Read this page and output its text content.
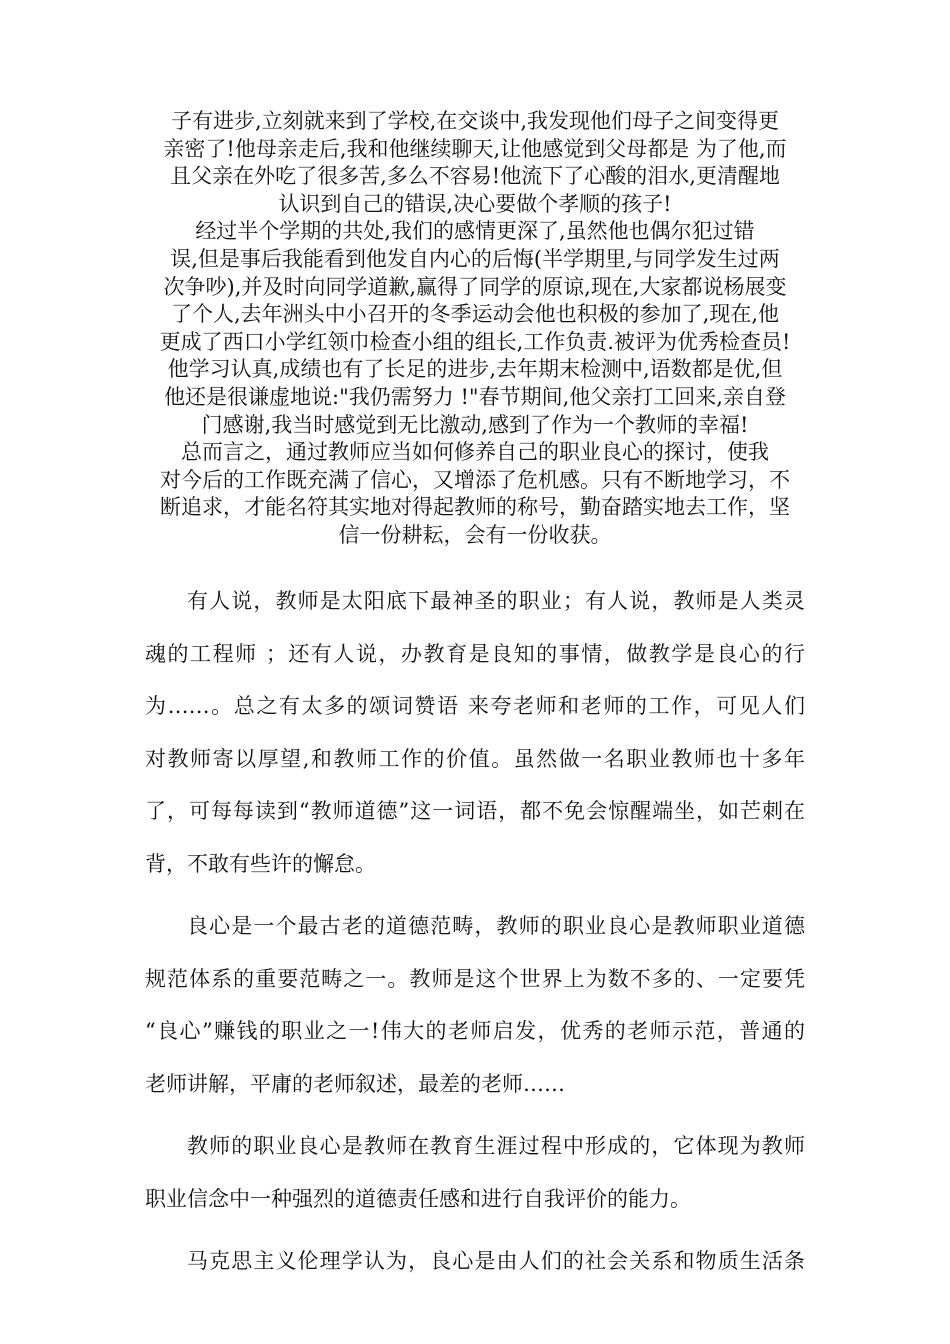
子有进步,立刻就来到了学校,在交谈中,我发现他们母子之间变得更
亲密了!他母亲走后,我和他继续聊天,让他感觉到父母都是 为了他,而
且父亲在外吃了很多苦,多么不容易!他流下了心酸的泪水,更清醒地
认识到自己的错误,决心要做个孝顺的孩子!
经过半个学期的共处,我们的感情更深了,虽然他也偶尔犯过错
误,但是事后我能看到他发自内心的后悔(半学期里,与同学发生过两
次争吵),并及时向同学道歉,赢得了同学的原谅,现在,大家都说杨展变
了个人,去年洲头中小召开的冬季运动会他也积极的参加了,现在,他
更成了西口小学红领巾检查小组的组长,工作负责.被评为优秀检查员!
他学习认真,成绩也有了长足的进步,去年期末检测中,语数都是优,但
他还是很谦虚地说:"我仍需努力 !"春节期间,他父亲打工回来,亲自登
门感谢,我当时感觉到无比激动,感到了作为一个教师的幸福!
总而言之，通过教师应当如何修养自己的职业良心的探讨，使我
对今后的工作既充满了信心，又增添了危机感。只有不断地学习，不
断追求，才能名符其实地对得起教师的称号，勤奋踏实地去工作，坚
信一份耕耘，会有一份收获。
有人说，教师是太阳底下最神圣的职业；有人说，教师是人类灵
魂的工程师 ；还有人说，办教育是良知的事情，做教学是良心的行
为……。总之有太多的颂词赞语 来夸老师和老师的工作，可见人们
对教师寄以厚望,和教师工作的价值。虽然做一名职业教师也十多年
了，可每每读到“教师道德”这一词语，都不免会惊醒端坐，如芒刺在
背，不敢有些许的懈怠。
良心是一个最古老的道德范畴，教师的职业良心是教师职业道德
规范体系的重要范畴之一。教师是这个世界上为数不多的、一定要凭
“良心”赚钱的职业之一!伟大的老师启发，优秀的老师示范，普通的
老师讲解，平庸的老师叙述，最差的老师……
教师的职业良心是教师在教育生涯过程中形成的，它体现为教师
职业信念中一种强烈的道德责任感和进行自我评价的能力。
马克思主义伦理学认为，良心是由人们的社会关系和物质生活条
